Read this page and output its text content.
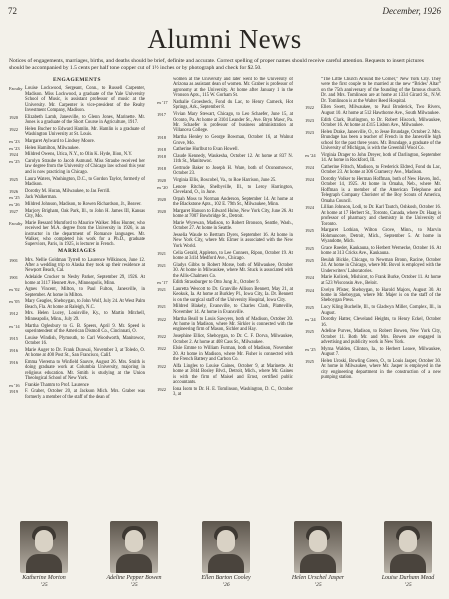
72	December, 1926
Alumni News
Notices of engagements, marriages, births, and deaths should be brief, definite and accurate. Correct spelling of proper names should receive careful attention. Requests to insert pictures should be accompanied by 1.5 cents per half tone copper cut of 1½ inches or by photograph and check for $2.50.
ENGAGEMENTS
Faculty Louise Lockwood, Sergeant, Conn., to Russell Carpenter, Madison. Miss Lockwood, a graduate of the Yale University School of Music, is assistant professor of music at the University. Mr. Carpenter is vice-president of the Realty Investment Company, Madison.
1920	Elizabeth Lamb, Janesville, to Glenn Jones, Marinette. Mr. Jones is a graduate of the Short Course in Agriculture, 1917.
1922	Helen Bucher to Edward Hamlin. Mr. Hamlin is a graduate of Washington University at St. Louis.
ex '23	Margaret Aylward to Lindsey Moore.
ex '23	Helen Hamilton, Milwaukee.
1924	Mildred Owens, Utica, N.Y., to Olin K. Hyde, Ilion, N.Y.
ex '25	Carolyn Straube to Jacob Asmund. Miss Straube received her law degree from the University of Chicago law school this year and is now practicing in Chicago.
1925	Laura Waters, Washington, D.C., to Gordon Taylor, formerly of Madison.
1926	Dorothy M. Horan, Milwaukee, to Jas Ferrill.
ex '25	Jack Walkerman.
ex '26	Mildred Johnson, Madison, to Rowen Richardson, Jr., Beaver.
1927	Marjory Brigham, Oak Park, Ill., to John H. James III, Kansas City, Mo.
Faculty Marie Bessard Mumford to Maurice Walker. Miss Hunter, who received her M.A. degree from the University in 1926, is an instructor in the department of Romance languages. Mr. Walker, who completed his work for a Ph.D., graduate Superviors, Paris, in 1925, is lecturer in French.
MARRIAGES
1901	Mrs. Nellie Goldman Tyrrell to Laurence Wilkinson, June 12. After a wedding trip to Alaska they took up their residence at Newport Beach, Cal.
1901	Adelaide Crocker to Nesby Parker, September 29, 1926. At home at 3117 Hennett Ave., Minneapolis, Minn.
ex '02	Agnes Vincent, Milton, to Paul Fulton, Janesville, in September. At home in Milton.
ex '05	Mary Geagles, Sheboygan, to John Wolf, July 24. At West Palm Beach, Fla. At home at Raleigh, N.C.
1912	Mrs. Helen Lucey, Louisville, Ky., to Martin Mitchell, Minneapolis, Minn., July 29.
ex '14	Martha Oglesbury to G. B. Speers, April 9. Mr. Speed is superintendent of the American Dismoll Co., Cincinnati, O.
1915	Louise Windish, Plymouth, to Carl Woodworth, Manitowoc, October 16.
1916	Marie Auger to Dr. Frank Dunwai, November 3, at Toledo, O. At home at 400 Post St., San Francisco, Calif.
1916	Emma Vierema to Winfield Sauvre, August 26. Mrs. Smith is doing graduate work at Columbia University, majoring in religious education. Mr. Smith is studying at the Union Theological School of New York.
ex '16	Frankie Thamm to Prof. Laurence
1919	F. Graber, October 20, at Jackson Mich. Mrs. Graber was formerly a member of the staff of the dean of
women at the University and later went to the University of Arizona as assistant dean of women. Mr. Graber is professor of agronomy at the University. At home after January 1 in the Vronson Apts., 115 W. Gorham St.
ex '17	Nathalie Groesbeck, Fond du Lac, to Henry Carneck, Hot Springs, Ark., September 8.
1917	Vivian Mary Stewart, Chicago, to Leo Schaefer, June 15, at Oconto, Pa. At home at 3104 Leander St., Ave. Bryn Mawr, Pa. Mr. Schaefer is professor of business administration at Villanova College.
1918	Martha Henley to George Bowman, October 16, at Walnut Grove, Mo.
1918	Catherine Hurlbut to Evan Howell.
1918	Claude Kennedy, Waukesha, October 12. At home at 837 N. 11th St., Manitowoc.
1918	Gertrude Baker to Joseph H. Ware, both of Oconomowoc, October 23.
1920	Virginia Ellis, Boscobel, Va., to Roe Harrison, June 25.
ex '20	Lenore Ritchie, Shelbyville, Ill., to Leroy Harrington, Cleveland, O., in June.
1920	Orpah Moss to Norman Anderson, September 14. At home at the Blackstone Apts., 102 E. 79th St., Milwaukee, Minn.
1920	Margaret Hanson to Edward Hulse, New York City, June 26. At home at 7007 Bowbridge St., Detroit.
Marie Wyrewan, Madison, to Robert Bronson, Seattle, Wash., October 27. At home in Seattle.
Jesselia Waude to Bertram Dyers, September 16. At home in New York City, where Mr. Elmer is associated with the New York World.
1921	Celia Gerald, Appleton, to Lee Conners, Ripon, October 19. At home at 3414 Medford Ave., Chicago.
1921	Gladys Gibbs to Robert Morse, both of Milwaukee, October 30. At home in Milwaukee, where Mr. Stuck is associated with the Allis-Chalmers Co.
ex '17	Edith Strassburger to Otto Jung Jr., October 9.
1921	Lauretta Wescott to Dr. Granville Allison Bennett, May 21, at Keokuk, Ia. At home at Burkley Pl., Iowa City, Ia. Dr. Bennett is on the surgical staff of the University Hospital, Iowa City.
1921	Mildred Blakely, Evansville, to Charles Clark, Platteville, November 14. At home in Evansville.
1922	Martha Beall to Louis Sawyers, both of Madison, October 20. At home in Madison, where Mr. Sirkler is connected with the engineering firm of Mason, Sichler and Hay.
1922	Josephine Elliot, Sheboygan, to Dr. C. F. Dorva, Milwaukee, October 2. At home at 408 Cass St., Milwaukee.
1922	Elsie Emme to William Furman, both of Madison, November 20. At home in Madison, where Mr. Fisher is connected with the French Battery and Carbon Co.
1922	Alfa Lingles to Louise Gaines, October 9, at Marinette. At home at 3844 Bosley Blvd., Detroit, Mich., where Mr. Gaines is with the firm of Maisel and Ernst, certified public accountants.
1922	Iona Isom to Dr. H. E. Tomlinson, Washington, D. C., October 3, at
“The Little Church Around the Corner,” New York City. They were the first couple to be married at the new “Brides’ Altar” on the 75th anniversary of the founding of the famous church. Dr. and Mrs. Tomlinson are at home at 1334 Girard St., N.W. Dr. Tomlinson is at the Walter Reed Hospital.
1922	Ellen Swett, Milwaukee, to Paul Broderick, Two Rivers, August 10. At home at 512 Hawthorne Ave., South Milwaukee.
1923	Edith Clark, Burlington, to Dr. Robert Hiscock, Milwaukee, October 16. At home at 4315 Lisbon Ave., Milwaukee.
1923	Helen Drake, Janesville, O., to Jesse Brundage, October 2. Mrs. Brundage has been a teacher of French in the Janesville high school for the past three years. Mr. Brundage, a graduate of the University of Michigan, is with the Greenhill Wool Co.
ex '24	Virginia Drager to John Dreyer, both of Darlington, September 14. At home in Rockford, Ill.
1924	Catherine Fritsch, Madison, to Frederick Eldred, Fond du Lac, October 23. At home at 306 Gramercy Ave., Madison.
1924	Dorothy Volker to Herman Hoffman, both of New Haven, Ind., October 14, 1925. At home in Omaha, Neb., where Mr. Hoffman is a member of the American Telephone and Telegraph Company Chorister of the Boy Scouts of America, Omaha Council.
1924	Lillian Johnson, Lodi, to Dr. Karl Tautch, Oshkosh, October 16. At home at 17 Herbert St., Toronto, Canada, where Dr. Haag is professor of pharmacy and chemistry in the University of Toronto.
1925	Margaret Lothian, Wilton Grove, Minn., to Marvin Hohmuncore, Detroit, Mich., September 5. At home in Wyandotte, Mich.
1925	Grace Roeder, Kaukauna, to Herbert Wernecke, October 16. At home at 313 Cricks Ave., Kaukauna.
1925	Beulah Bickle, Chicago, to Newman Bronn, Racine, October 24. At home in Chicago, where Mr. Bovol is employed with the Underwriters' Laboratories.
1924	Marie Kolicek, Mishicot, to Frank Burke, October 11. At home at 523 Wisconsin Ave., Beloit.
1924	Evelyn Pfister, Sheboygan, to Harold Majors, August 30. At home in Sheboygan, where Mr. Majer is on the staff of the Sheboygan Press.
1925	Lucy Kling Buchelle, Ill., to Gladwyn Miller, Complex, Ill., in August.
ex '24	Dorothy Hatter, Cleveland Heights, to Henry Eckel, October 16.
1925	Adeline Purves, Madison, to Robert Bowen, New York City, October 11. Both Mr. and Mrs. Bowen are engaged in advertising and publicity work in New York.
ex '25	Myrna Walden, Clinton, Ia., to Herbert Leawe, Milwaukee, August 7.
1925	Helen Uroski, Bowling Green, O., to Louis Jasper, October 30. At home in Milwaukee, where Mr. Jasper is employed in the city engineering department in the construction of a new pumping station.
Katherine Morton
’25
Adeline Pepper Bowen
’25
Ellen Barton Cooley
’26
Helen Urschel Jasper
’25
Louise Durham Mead
’25
